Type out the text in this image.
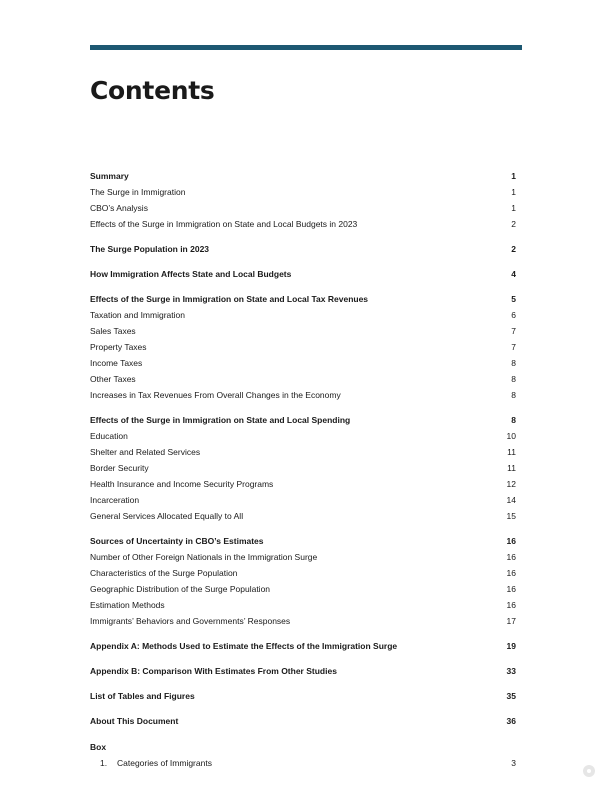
Contents
Summary	1
The Surge in Immigration	1
CBO’s Analysis	1
Effects of the Surge in Immigration on State and Local Budgets in 2023	2
The Surge Population in 2023	2
How Immigration Affects State and Local Budgets	4
Effects of the Surge in Immigration on State and Local Tax Revenues	5
Taxation and Immigration	6
Sales Taxes	7
Property Taxes	7
Income Taxes	8
Other Taxes	8
Increases in Tax Revenues From Overall Changes in the Economy	8
Effects of the Surge in Immigration on State and Local Spending	8
Education	10
Shelter and Related Services	11
Border Security	11
Health Insurance and Income Security Programs	12
Incarceration	14
General Services Allocated Equally to All	15
Sources of Uncertainty in CBO’s Estimates	16
Number of Other Foreign Nationals in the Immigration Surge	16
Characteristics of the Surge Population	16
Geographic Distribution of the Surge Population	16
Estimation Methods	16
Immigrants’ Behaviors and Governments’ Responses	17
Appendix A: Methods Used to Estimate the Effects of the Immigration Surge	19
Appendix B: Comparison With Estimates From Other Studies	33
List of Tables and Figures	35
About This Document	36
Box
1. Categories of Immigrants	3
